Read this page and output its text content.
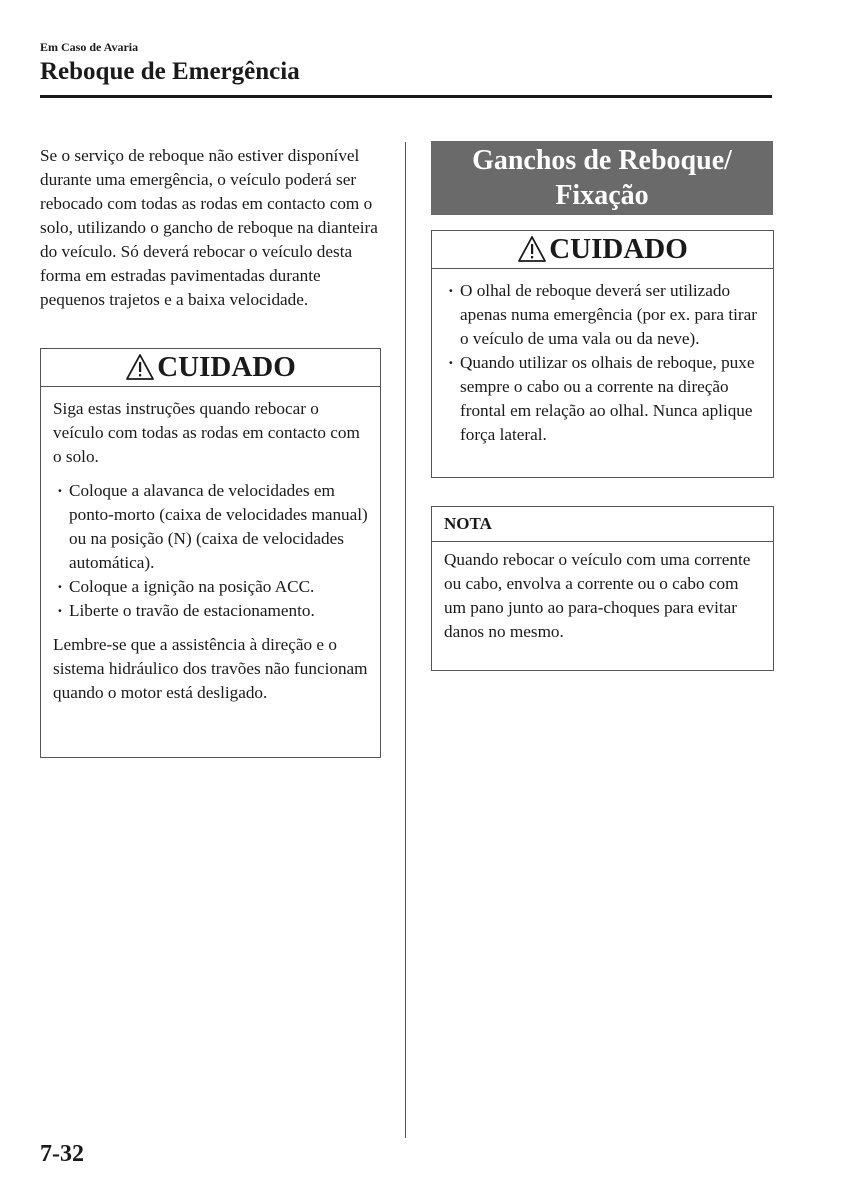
Em Caso de Avaria
Reboque de Emergência

Se o serviço de reboque não estiver disponível durante uma emergência, o veículo poderá ser rebocado com todas as rodas em contacto com o solo, utilizando o gancho de reboque na dianteira do veículo. Só deverá rebocar o veículo desta forma em estradas pavimentadas durante pequenos trajetos e a baixa velocidade.

CUIDADO

Siga estas instruções quando rebocar o veículo com todas as rodas em contacto com o solo.

· Coloque a alavanca de velocidades em ponto-morto (caixa de velocidades manual) ou na posição (N) (caixa de velocidades automática).
· Coloque a ignição na posição ACC.
· Liberte o travão de estacionamento.

Lembre-se que a assistência à direção e o sistema hidráulico dos travões não funcionam quando o motor está desligado.

Ganchos de Reboque/
Fixação
CUIDADO
· O olhal de reboque deverá ser utilizado apenas numa emergência (por ex. para tirar o veículo de uma vala ou da neve).
· Quando utilizar os olhais de reboque, puxe sempre o cabo ou a corrente na direção frontal em relação ao olhal. Nunca aplique força lateral.
NOTA

Quando rebocar o veículo com uma corrente ou cabo, envolva a corrente ou o cabo com um pano junto ao para-choques para evitar danos no mesmo.

7-32
